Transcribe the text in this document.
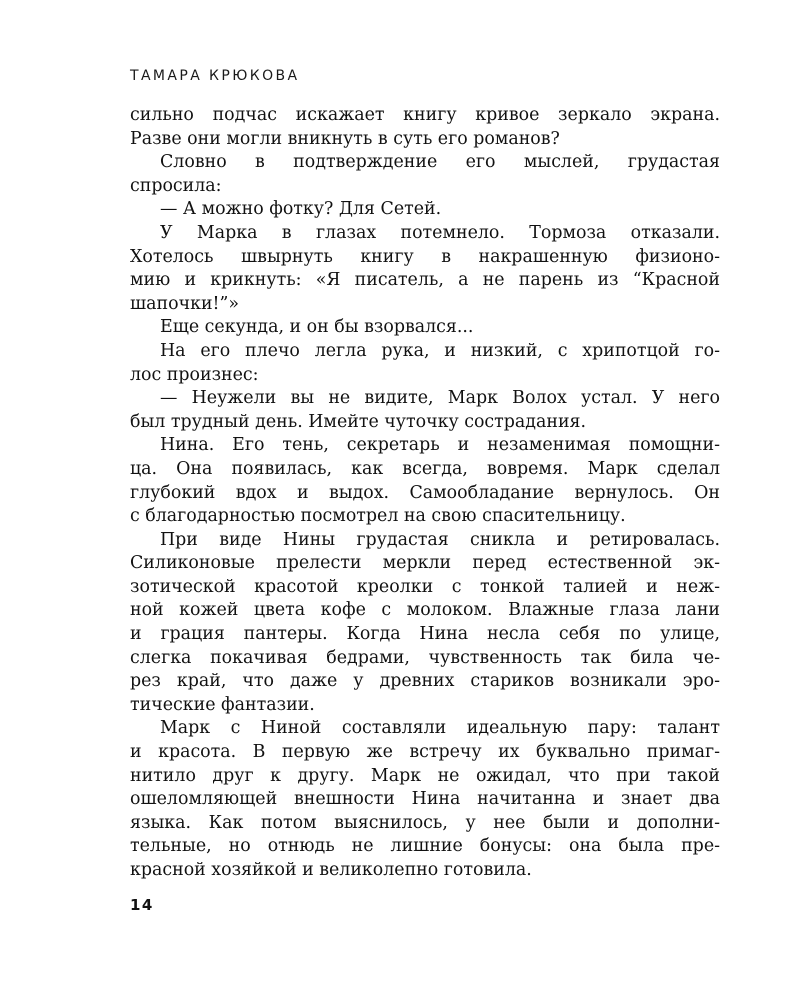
ТАМАРА КРЮКОВА
сильно подчас искажает книгу кривое зеркало экрана.
Разве они могли вникнуть в суть его романов?
Словно в подтверждение его мыслей, грудастая
спросила:
— А можно фотку? Для Сетей.
У Марка в глазах потемнело. Тормоза отказали.
Хотелось швырнуть книгу в накрашенную физионо-
мию и крикнуть: «Я писатель, а не парень из “Красной
шапочки!”»
Еще секунда, и он бы взорвался...
На его плечо легла рука, и низкий, с хрипотцой го-
лос произнес:
— Неужели вы не видите, Марк Волох устал. У него
был трудный день. Имейте чуточку сострадания.
Нина. Его тень, секретарь и незаменимая помощни-
ца. Она появилась, как всегда, вовремя. Марк сделал
глубокий вдох и выдох. Самообладание вернулось. Он
с благодарностью посмотрел на свою спасительницу.
При виде Нины грудастая сникла и ретировалась.
Силиконовые прелести меркли перед естественной эк-
зотической красотой креолки с тонкой талией и неж-
ной кожей цвета кофе с молоком. Влажные глаза лани
и грация пантеры. Когда Нина несла себя по улице,
слегка покачивая бедрами, чувственность так била че-
рез край, что даже у древних стариков возникали эро-
тические фантазии.
Марк с Ниной составляли идеальную пару: талант
и красота. В первую же встречу их буквально примаг-
нитило друг к другу. Марк не ожидал, что при такой
ошеломляющей внешности Нина начитанна и знает два
языка. Как потом выяснилось, у нее были и дополни-
тельные, но отнюдь не лишние бонусы: она была пре-
красной хозяйкой и великолепно готовила.
14
